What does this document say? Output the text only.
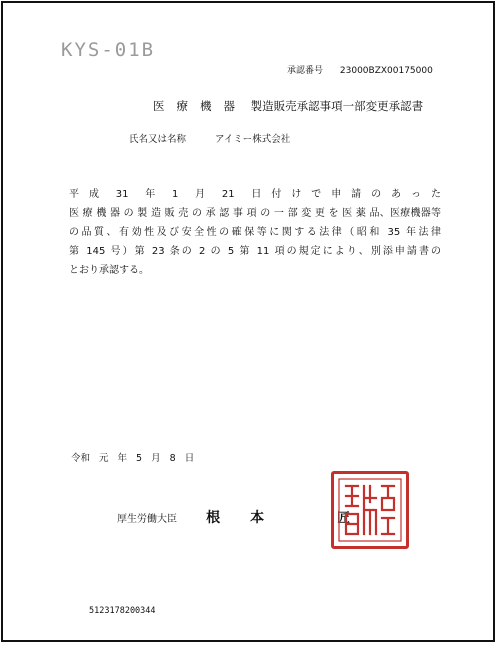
KYS-01B
承認番号 23000BZX00175000
医療機器 製造販売承認事項一部変更承認書
氏名又は名称	アイミー株式会社
平 成　31　年　1　月　21　日 付 け で 申 請 の あ っ た
医 療 機 器 の 製 造 販 売 の 承 認 事 項 の 一 部 変 更 を 医 薬 品、医療機器等
の品質、有効性及び安全性の確保等に関する法律（昭和 35 年法律
第 145 号）第 23 条の 2 の 5 第 11 項の規定により、別添申請書の
とおり承認する。
令和 元 年 5 月 8 日
厚生労働大臣 根本	匠
5123178200344
